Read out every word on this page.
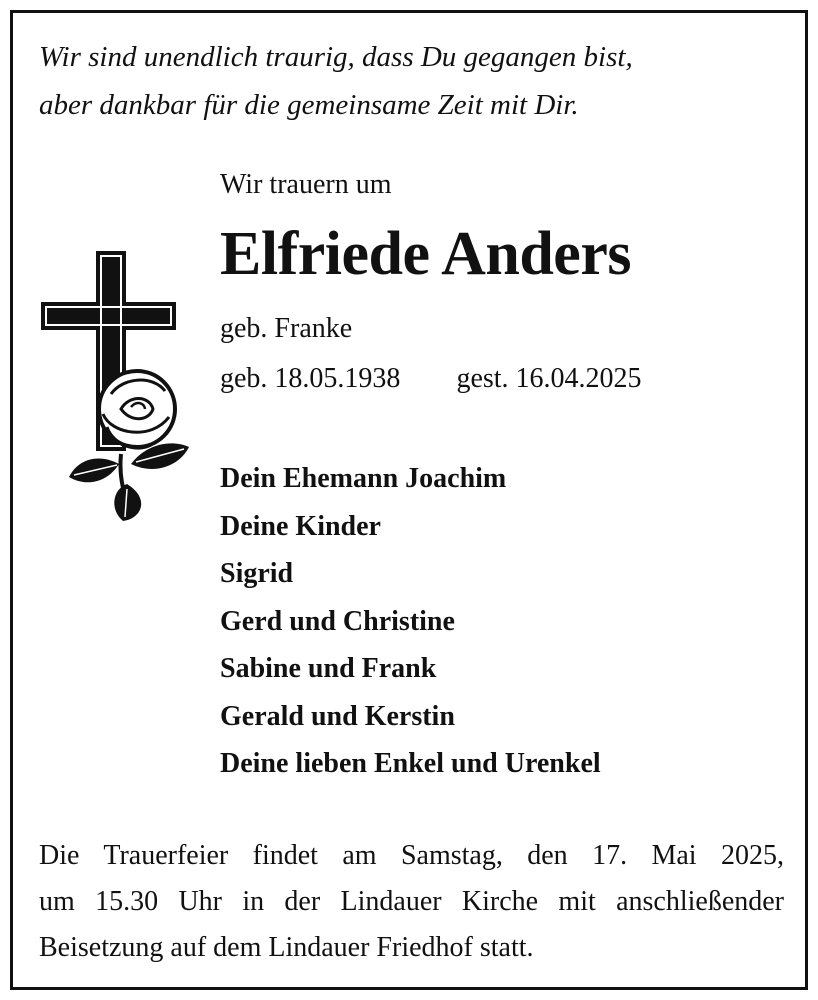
Wir sind unendlich traurig, dass Du gegangen bist,
aber dankbar für die gemeinsame Zeit mit Dir.

Wir trauern um

Elfriede Anders

geb. Franke

geb. 18.05.1938 gest. 16.04.2025

Dein Ehemann Joachim
Deine Kinder
Sigrid
Gerd und Christine
Sabine und Frank
Gerald und Kerstin
Deine lieben Enkel und Urenkel

Die Trauerfeier findet am Samstag, den 17. Mai 2025,
um 15.30 Uhr in der Lindauer Kirche mit anschließender
Beisetzung auf dem Lindauer Friedhof statt.
